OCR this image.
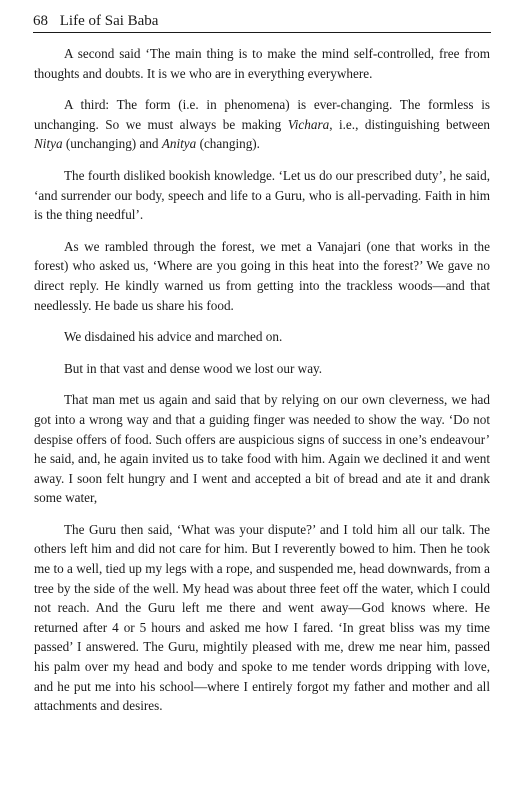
68 Life of Sai Baba

A second said ‘The main thing is to make the mind self-controlled, free from thoughts and doubts. It is we who are in everything everywhere.

A third: The form (i.e. in phenomena) is ever-changing. The formless is unchanging. So we must always be making Vichara, i.e., distinguishing between Nitya (unchanging) and Anitya (changing).

The fourth disliked bookish knowledge. ‘Let us do our prescribed duty’, he said, ‘and surrender our body, speech and life to a Guru, who is all-pervading. Faith in him is the thing needful’.

As we rambled through the forest, we met a Vanajari (one that works in the forest) who asked us, ‘Where are you going in this heat into the forest?’ We gave no direct reply. He kindly warned us from getting into the trackless woods—and that needlessly. He bade us share his food.

We disdained his advice and marched on.

But in that vast and dense wood we lost our way.

That man met us again and said that by relying on our own cleverness, we had got into a wrong way and that a guiding finger was needed to show the way. ‘Do not despise offers of food. Such offers are auspicious signs of success in one’s endeavour’ he said, and, he again invited us to take food with him. Again we declined it and went away. I soon felt hungry and I went and accepted a bit of bread and ate it and drank some water,

The Guru then said, ‘What was your dispute?’ and I told him all our talk. The others left him and did not care for him. But I reverently bowed to him. Then he took me to a well, tied up my legs with a rope, and suspended me, head downwards, from a tree by the side of the well. My head was about three feet off the water, which I could not reach. And the Guru left me there and went away—God knows where. He returned after 4 or 5 hours and asked me how I fared. ‘In great bliss was my time passed’ I answered. The Guru, mightily pleased with me, drew me near him, passed his palm over my head and body and spoke to me tender words dripping with love, and he put me into his school—where I entirely forgot my father and mother and all attachments and desires.
